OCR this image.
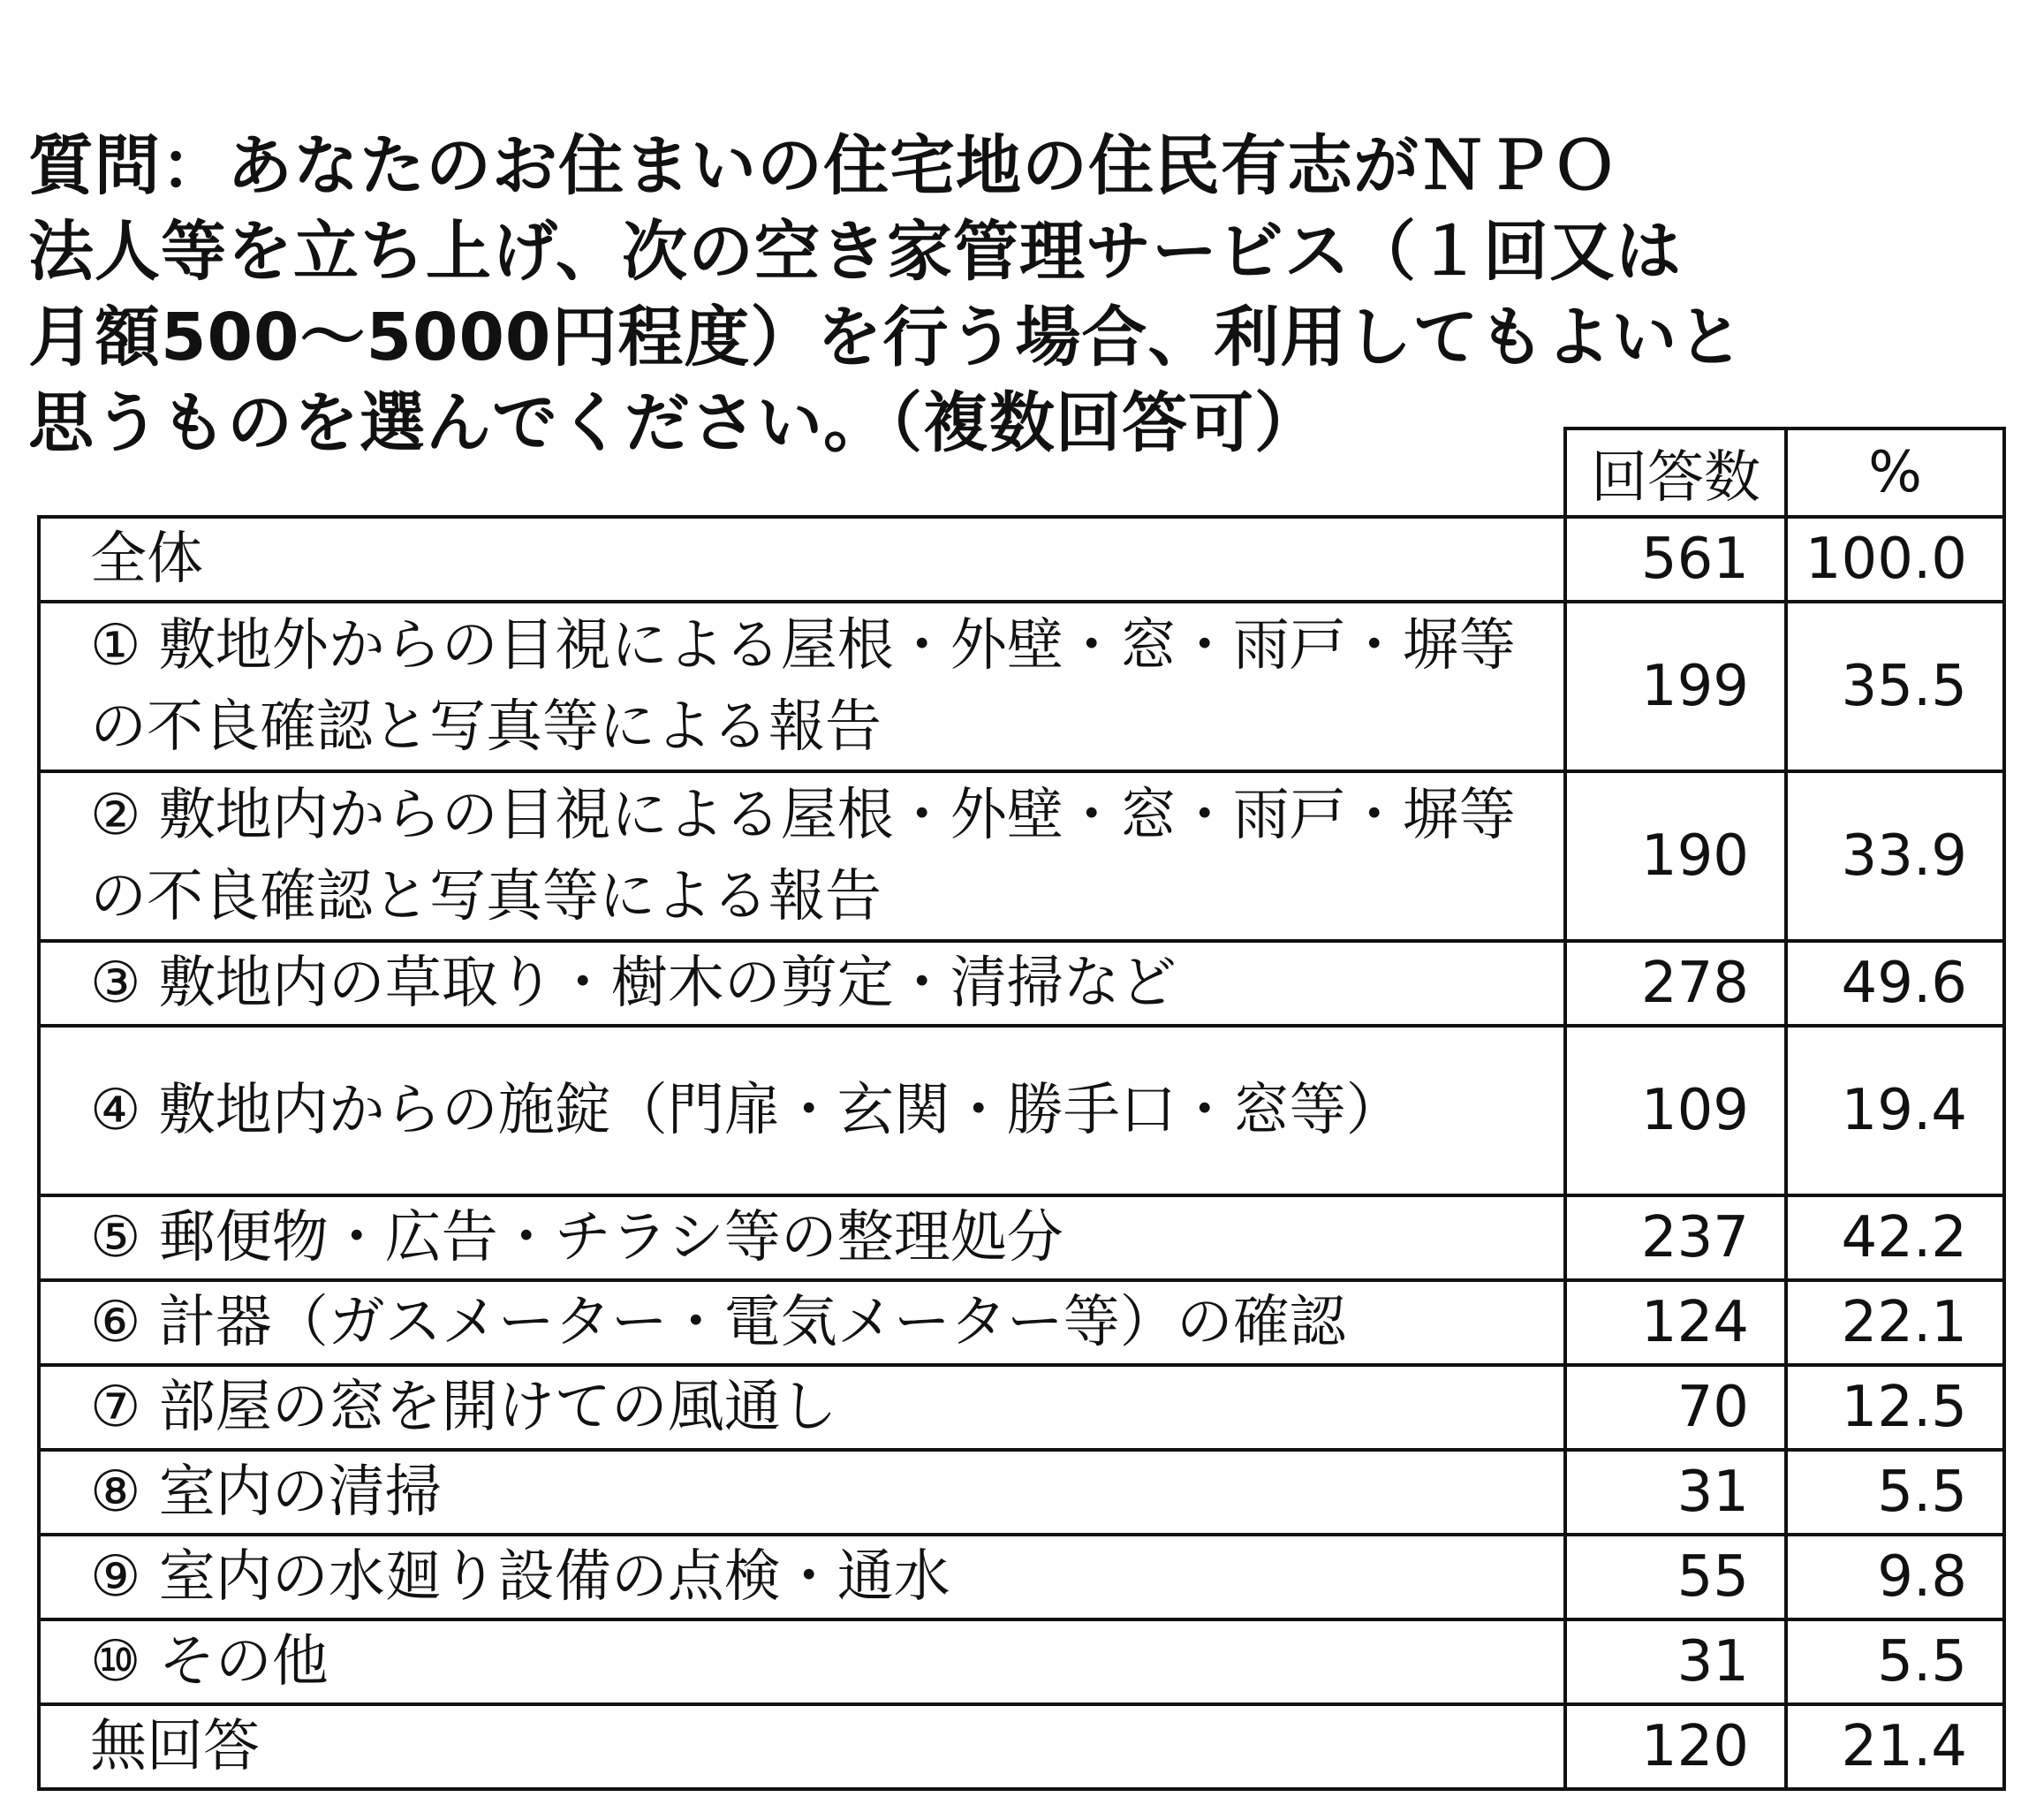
質問：あなたのお住まいの住宅地の住民有志がＮＰＯ
法人等を立ち上げ、次の空き家管理サービス（１回又は
月額500～5000円程度）を行う場合、利用してもよいと
思うものを選んでください。（複数回答可）
	回答数	%
全体	561	100.0
① 敷地外からの目視による屋根・外壁・窓・雨戸・塀等の不良確認と写真等による報告	199	35.5
② 敷地内からの目視による屋根・外壁・窓・雨戸・塀等の不良確認と写真等による報告	190	33.9
③ 敷地内の草取り・樹木の剪定・清掃など	278	49.6
④ 敷地内からの施錠（門扉・玄関・勝手口・窓等）	109	19.4
⑤ 郵便物・広告・チラシ等の整理処分	237	42.2
⑥ 計器（ガスメーター・電気メーター等）の確認	124	22.1
⑦ 部屋の窓を開けての風通し	70	12.5
⑧ 室内の清掃	31	5.5
⑨ 室内の水廻り設備の点検・通水	55	9.8
⑩ その他	31	5.5
無回答	120	21.4
